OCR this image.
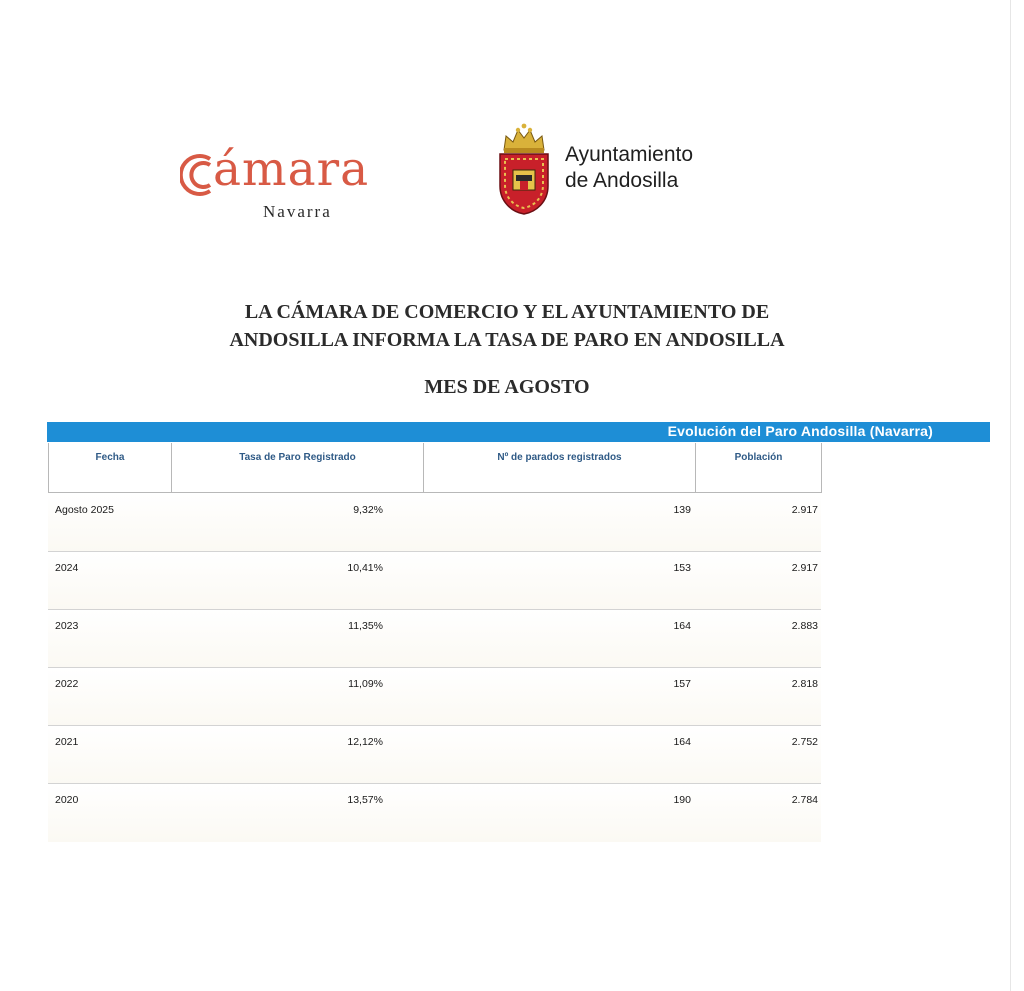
ámara
Navarra
Ayuntamiento
de Andosilla
LA CÁMARA DE COMERCIO Y EL AYUNTAMIENTO DE
ANDOSILLA INFORMA LA TASA DE PARO EN ANDOSILLA
MES DE AGOSTO
Evolución del Paro Andosilla (Navarra)
Fecha	Tasa de Paro Registrado	Nº de parados registrados	Población
Agosto 2025	9,32%	139	2.917
2024	10,41%	153	2.917
2023	11,35%	164	2.883
2022	11,09%	157	2.818
2021	12,12%	164	2.752
2020	13,57%	190	2.784
